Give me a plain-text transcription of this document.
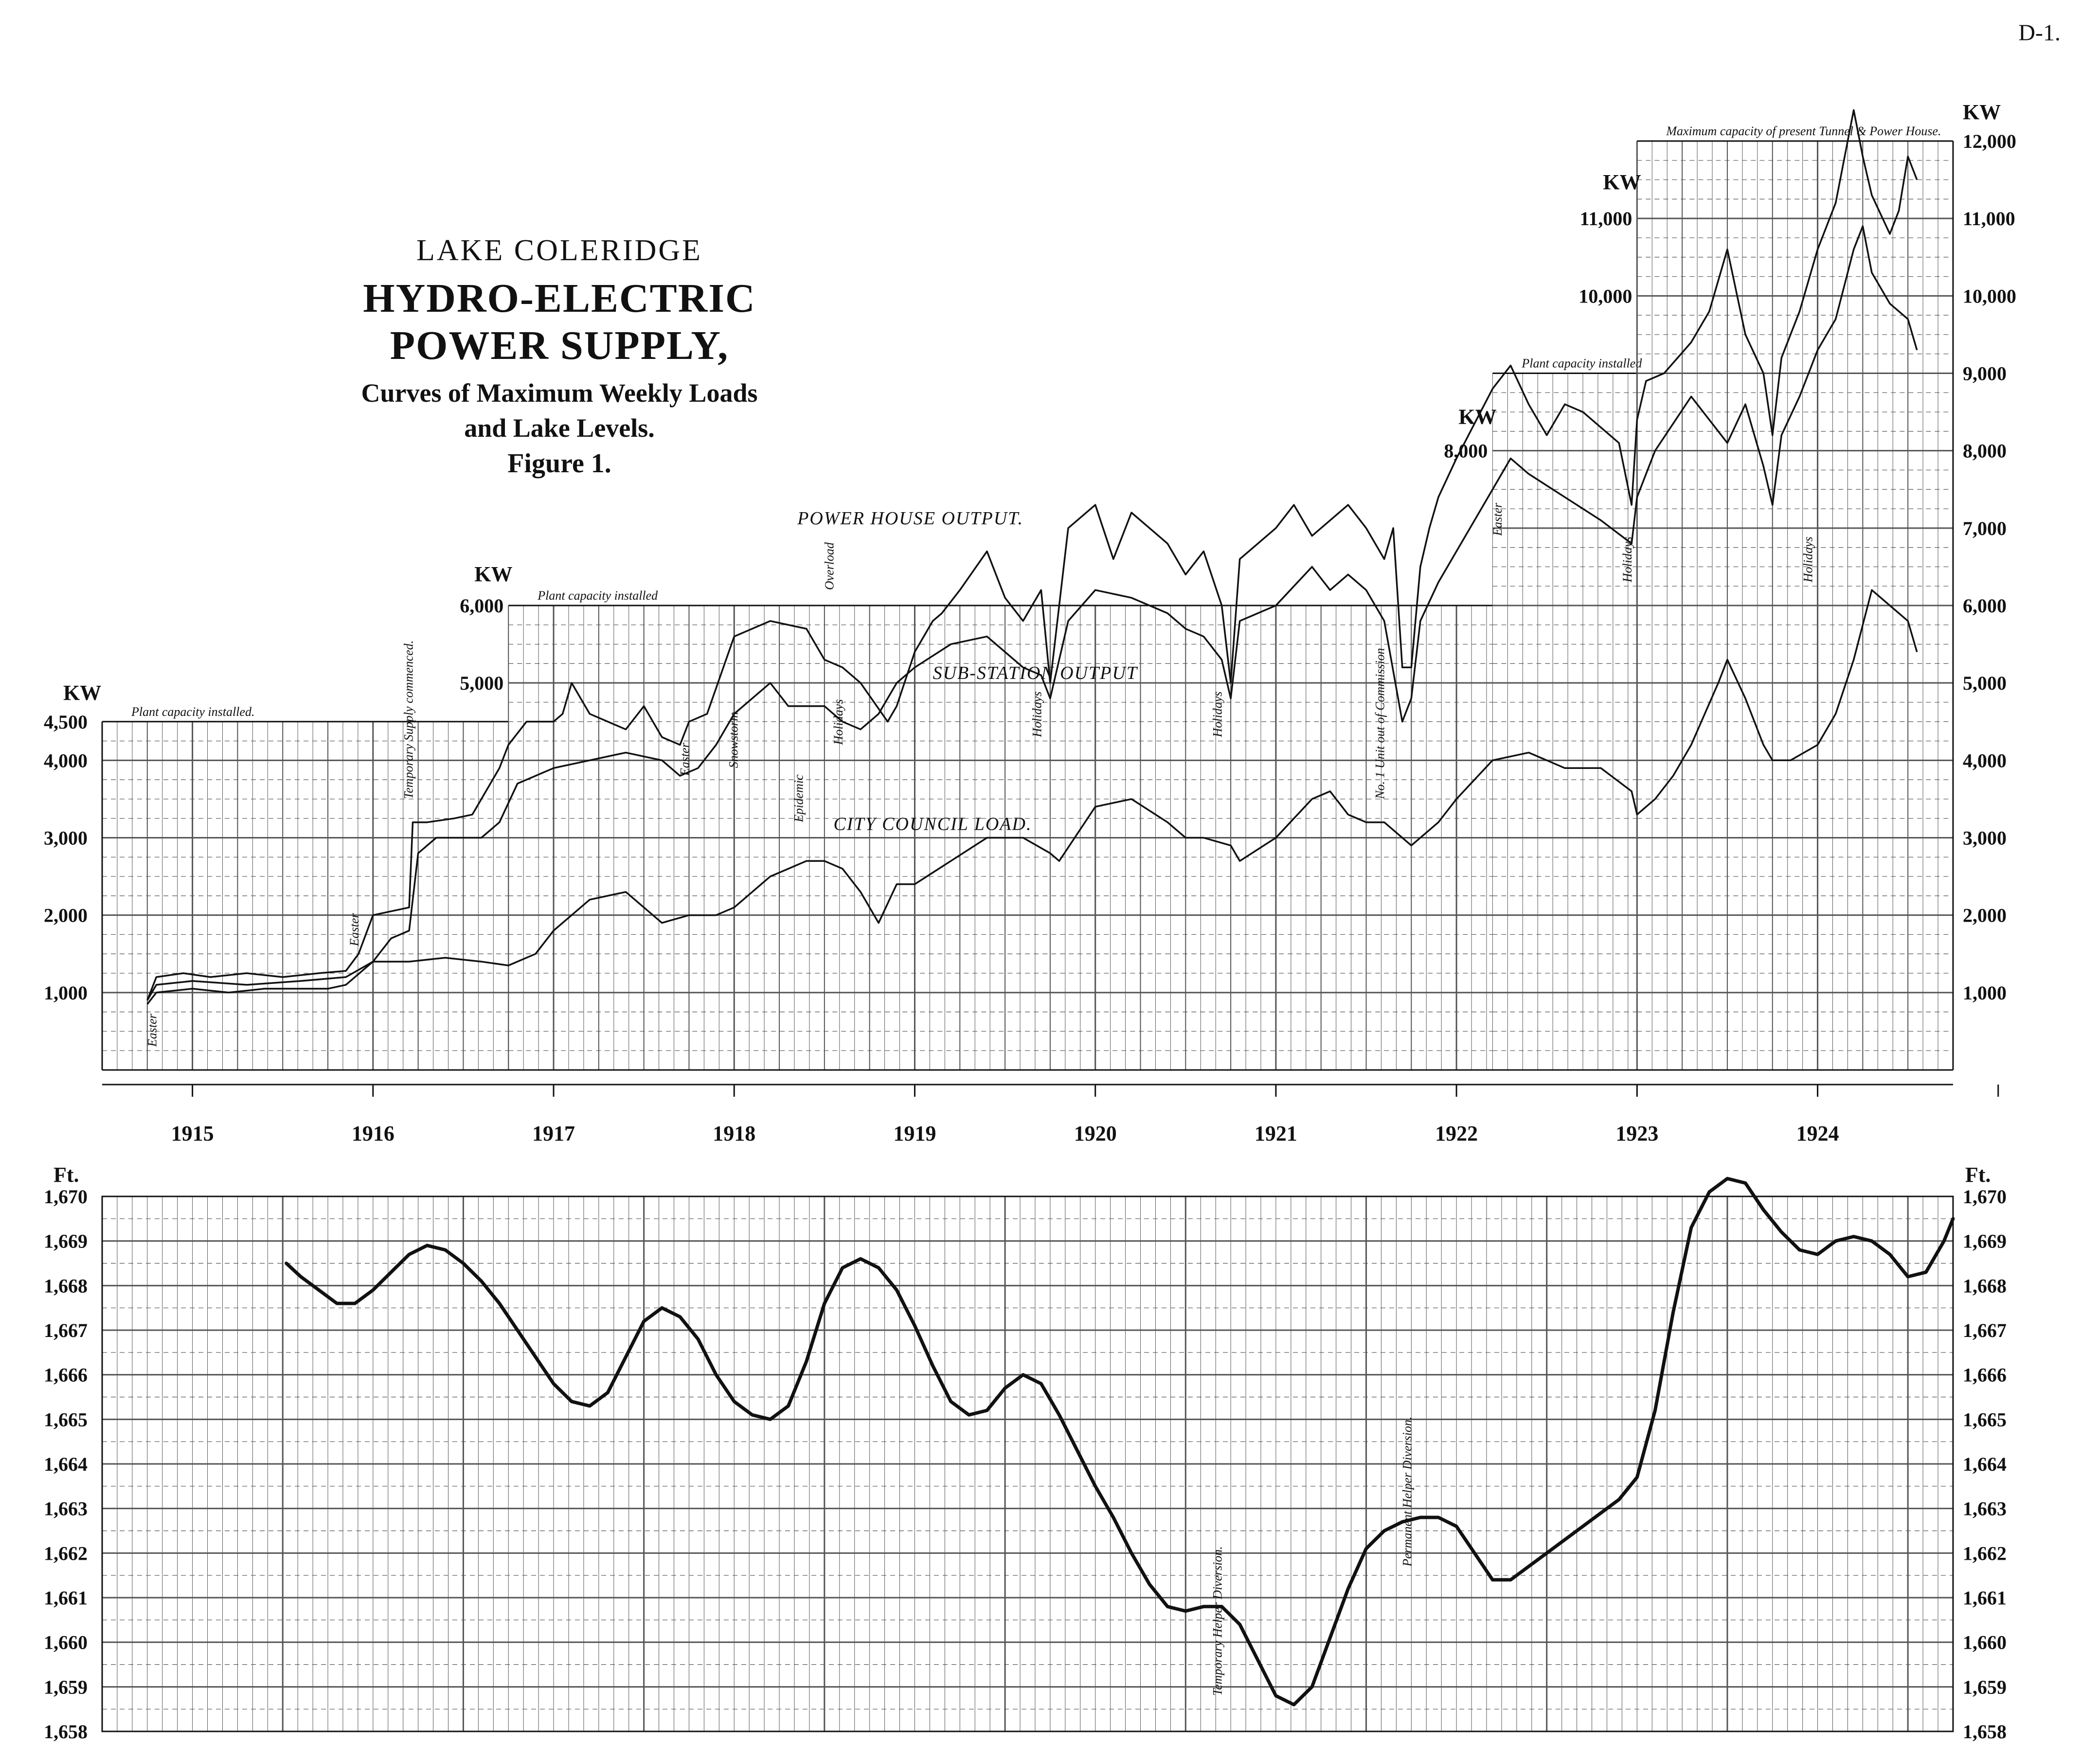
D-1.
LAKE COLERIDGE
HYDRO-ELECTRIC POWER SUPPLY,
Curves of Maximum Weekly Loads
and Lake Levels.
Figure 1.
Plant capacity installed.
Plant capacity installed
Plant capacity installed
Maximum capacity of present Tunnel & Power House.
POWER HOUSE OUTPUT.
SUB-STATION OUTPUT
CITY COUNCIL LOAD.
Easter
Easter
Temporary Supply commenced.	Easter	Snowstorm
Epidemic
Holidays
Overload
Holidays	Holidays	No. 1 Unit out of Commission
Easter
Holidays	Holidays
Temporary Helper Diversion.
Permanent Helper Diversion.
1915	1916	1917	1918	1919	1920	1921	1922	1923	1924
1,000
2,000
3,000
4,000
4,500
5,000
6,000
8,000
10,000
11,000
1,000
2,000
3,000
4,000
5,000
6,000
7,000
8,000
9,000
10,000
11,000
12,000
KW
KW
KW
KW
KW
1,658	1,658
1,659	1,659
1,660	1,660
1,661	1,661
1,662	1,662
1,663	1,663
1,664	1,664
1,665	1,665
1,666	1,666
1,667	1,667
1,668	1,668
1,669	1,669
1,670	1,670
Ft.	Ft.
